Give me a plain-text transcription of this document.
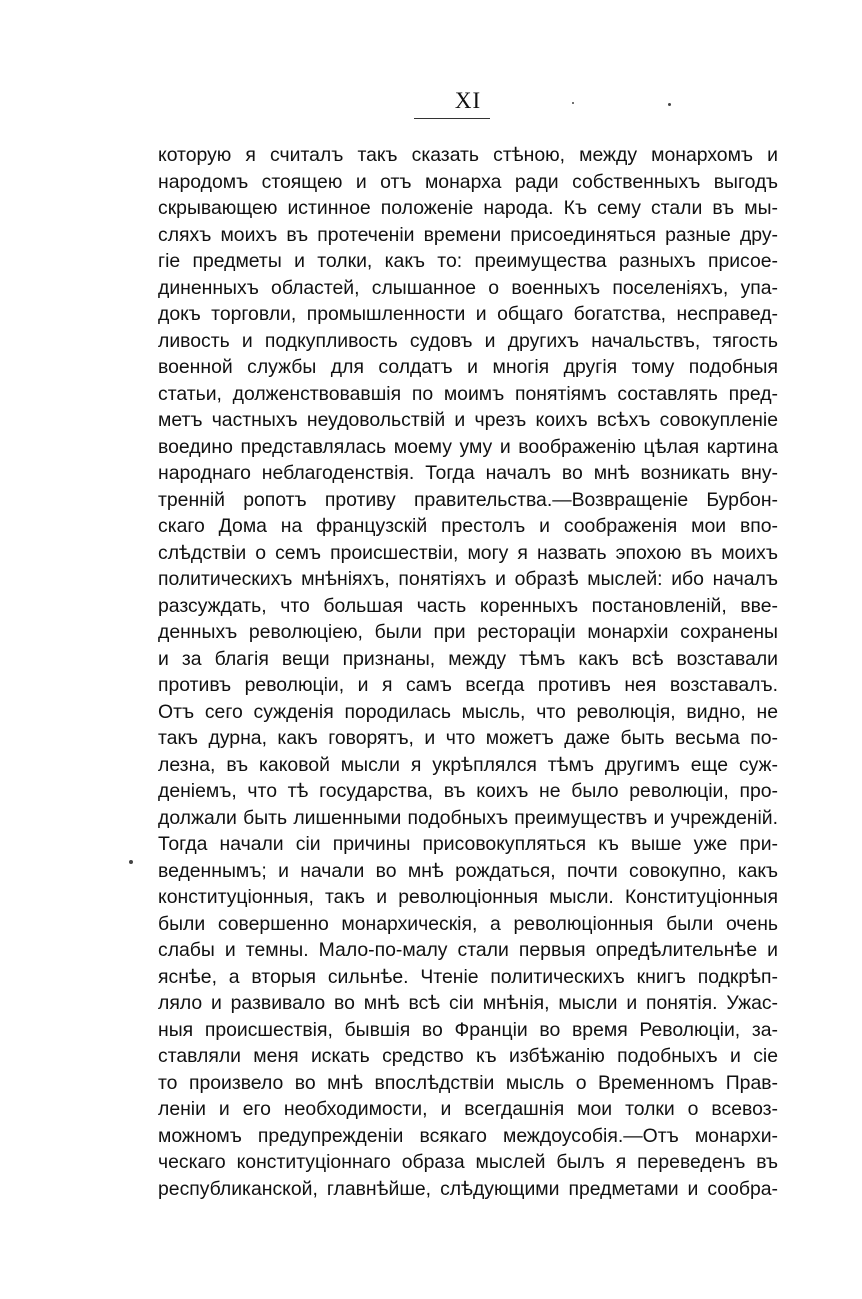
XI
которую я считалъ такъ сказать стѣною, между монархомъ и
народомъ стоящею и отъ монарха ради собственныхъ выгодъ
скрывающею истинное положенiе народа. Къ сему стали въ мы-
сляхъ моихъ въ протеченiи времени присоединяться разные дру-
гiе предметы и толки, какъ то: преимущества разныхъ присое-
диненныхъ областей, слышанное о военныхъ поселенiяхъ, упа-
докъ торговли, промышленности и общаго богатства, несправед-
ливость и подкупливость судовъ и другихъ начальствъ, тягость
военной службы для солдатъ и многiя другiя тому подобныя
статьи, долженствовавшiя по моимъ понятiямъ составлять пред-
метъ частныхъ неудовольствiй и чрезъ коихъ всѣхъ совокупленiе
воедино представлялась моему уму и воображенiю цѣлая картина
народнаго неблагоденствiя. Тогда началъ во мнѣ возникать вну-
треннiй ропотъ противу правительства.—Возвращенiе Бурбон-
скаго Дома на французскiй престолъ и соображенiя мои впо-
слѣдствiи о семъ происшествiи, могу я назвать эпохою въ моихъ
политическихъ мнѣнiяхъ, понятiяхъ и образѣ мыслей: ибо началъ
разсуждать, что большая часть коренныхъ постановленiй, вве-
денныхъ революцiею, были при ресторацiи монархiи сохранены
и за благiя вещи признаны, между тѣмъ какъ всѣ возставали
противъ революцiи, и я самъ всегда противъ нея возставалъ.
Отъ сего сужденiя породилась мысль, что революцiя, видно, не
такъ дурна, какъ говорятъ, и что можетъ даже быть весьма по-
лезна, въ каковой мысли я укрѣплялся тѣмъ другимъ еще суж-
денiемъ, что тѣ государства, въ коихъ не было революцiи, про-
должали быть лишенными подобныхъ преимуществъ и учрежденiй.
Тогда начали сiи причины присовокупляться къ выше уже при-
веденнымъ; и начали во мнѣ рождаться, почти совокупно, какъ
конституцiонныя, такъ и революцiонныя мысли. Конституцiонныя
были совершенно монархическiя, а революцiонныя были очень
слабы и темны. Мало-по-малу стали первыя опредѣлительнѣе и
яснѣе, а вторыя сильнѣе. Чтенiе политическихъ книгъ подкрѣп-
ляло и развивало во мнѣ всѣ сiи мнѣнiя, мысли и понятiя. Ужас-
ныя происшествiя, бывшiя во Францiи во время Революцiи, за-
ставляли меня искать средство къ избѣжанiю подобныхъ и сiе
то произвело во мнѣ впослѣдствiи мысль о Временномъ Прав-
ленiи и его необходимости, и всегдашнiя мои толки о всевоз-
можномъ предупрежденiи всякаго междоусобiя.—Отъ монархи-
ческаго конституцiоннаго образа мыслей былъ я переведенъ въ
республиканской, главнѣйше, слѣдующими предметами и сообра-
